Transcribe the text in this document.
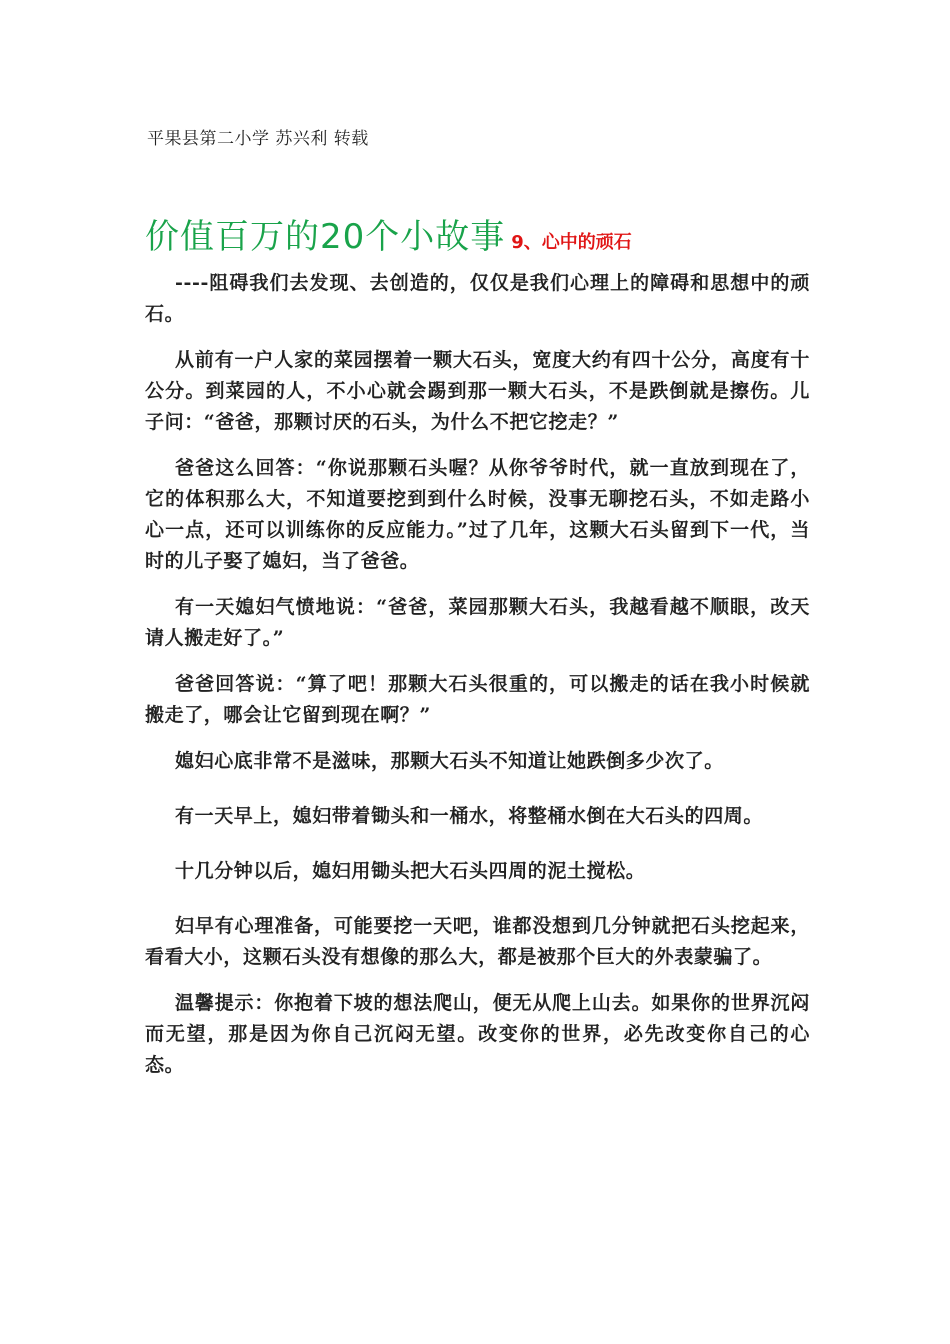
平果县第二小学 苏兴利 转载
价值百万的20个小故事 9、心中的顽石

----阻碍我们去发现、去创造的，仅仅是我们心理上的障碍和思想中的顽石。

从前有一户人家的菜园摆着一颗大石头，宽度大约有四十公分，高度有十公分。到菜园的人，不小心就会踢到那一颗大石头，不是跌倒就是擦伤。儿子问：“爸爸，那颗讨厌的石头，为什么不把它挖走？”

爸爸这么回答：“你说那颗石头喔？从你爷爷时代，就一直放到现在了，它的体积那么大，不知道要挖到到什么时候，没事无聊挖石头，不如走路小心一点，还可以训练你的反应能力。”过了几年，这颗大石头留到下一代，当时的儿子娶了媳妇，当了爸爸。

有一天媳妇气愤地说：“爸爸，菜园那颗大石头，我越看越不顺眼，改天请人搬走好了。”

爸爸回答说：“算了吧！那颗大石头很重的，可以搬走的话在我小时候就搬走了，哪会让它留到现在啊？”

媳妇心底非常不是滋味，那颗大石头不知道让她跌倒多少次了。

有一天早上，媳妇带着锄头和一桶水，将整桶水倒在大石头的四周。

十几分钟以后，媳妇用锄头把大石头四周的泥土搅松。

妇早有心理准备，可能要挖一天吧，谁都没想到几分钟就把石头挖起来，看看大小，这颗石头没有想像的那么大，都是被那个巨大的外表蒙骗了。

温馨提示：你抱着下坡的想法爬山，便无从爬上山去。如果你的世界沉闷而无望，那是因为你自己沉闷无望。改变你的世界，必先改变你自己的心态。
